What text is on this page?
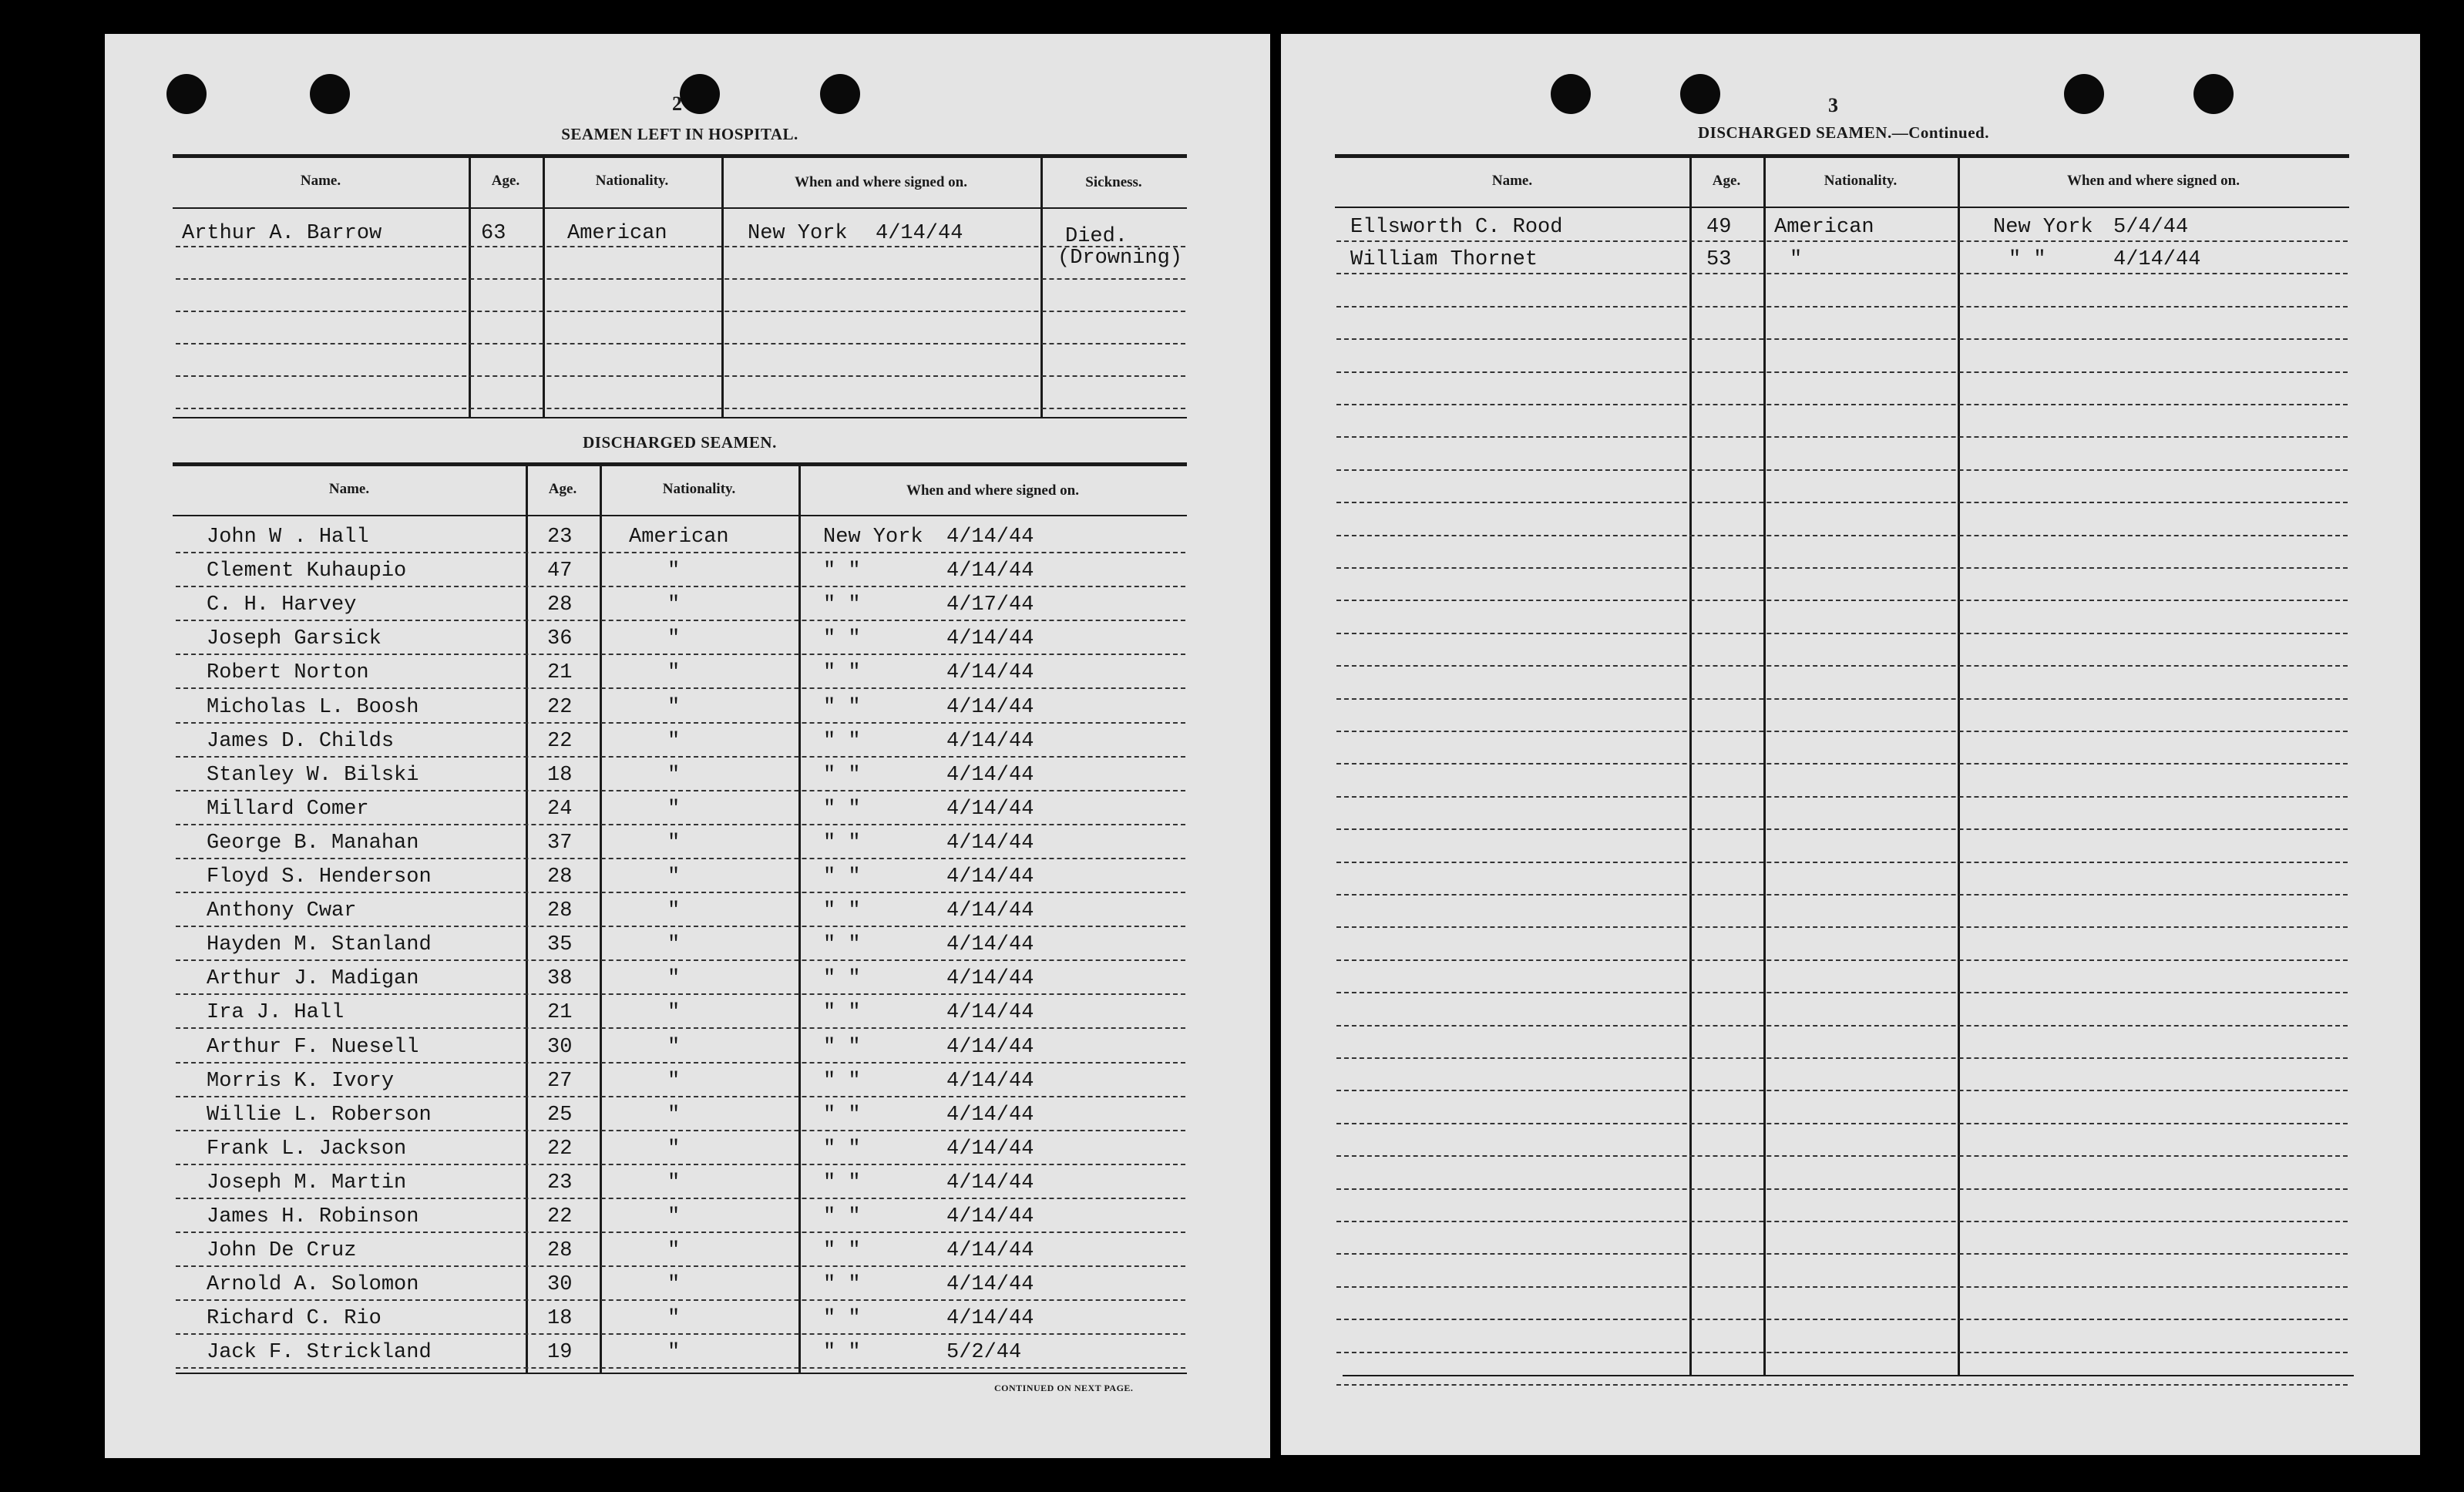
2
SEAMEN LEFT IN HOSPITAL.
Name.	Age.	Nationality.	When and where signed on.	Sickness.
Arthur A. Barrow	63	American	New York 4/14/44	Died.
(Drowning)
DISCHARGED SEAMEN.
Name.	Age.	Nationality.	When and where signed on.
John W . Hall	23	American	New York 4/14/44
Clement Kuhaupio	47	"	" "	4/14/44
C. H. Harvey	28	"	" "	4/17/44
Joseph Garsick	36	"	" "	4/14/44
Robert Norton	21	"	" "	4/14/44
Micholas L. Boosh	22	"	" "	4/14/44
James D. Childs	22	"	" "	4/14/44
Stanley W. Bilski	18	"	" "	4/14/44
Millard Comer	24	"	" "	4/14/44
George B. Manahan	37	"	" "	4/14/44
Floyd S. Henderson	28	"	" "	4/14/44
Anthony Cwar	28	"	" "	4/14/44
Hayden M. Stanland	35	"	" "	4/14/44
Arthur J. Madigan	38	"	" "	4/14/44
Ira J. Hall	21	"	" "	4/14/44
Arthur F. Nuesell	30	"	" "	4/14/44
Morris K. Ivory	27	"	" "	4/14/44
Willie L. Roberson	25	"	" "	4/14/44
Frank L. Jackson	22	"	" "	4/14/44
Joseph M. Martin	23	"	" "	4/14/44
James H. Robinson	22	"	" "	4/14/44
John De Cruz	28	"	" "	4/14/44
Arnold A. Solomon	30	"	" "	4/14/44
Richard C. Rio	18	"	" "	4/14/44
Jack F. Strickland	19	"	" "	5/2/44
CONTINUED ON NEXT PAGE.
3
DISCHARGED SEAMEN.—Continued.
Name.	Age.	Nationality.	When and where signed on.
Ellsworth C. Rood	49 American	New York 5/4/44
William Thornet	53	"	" "	4/14/44
